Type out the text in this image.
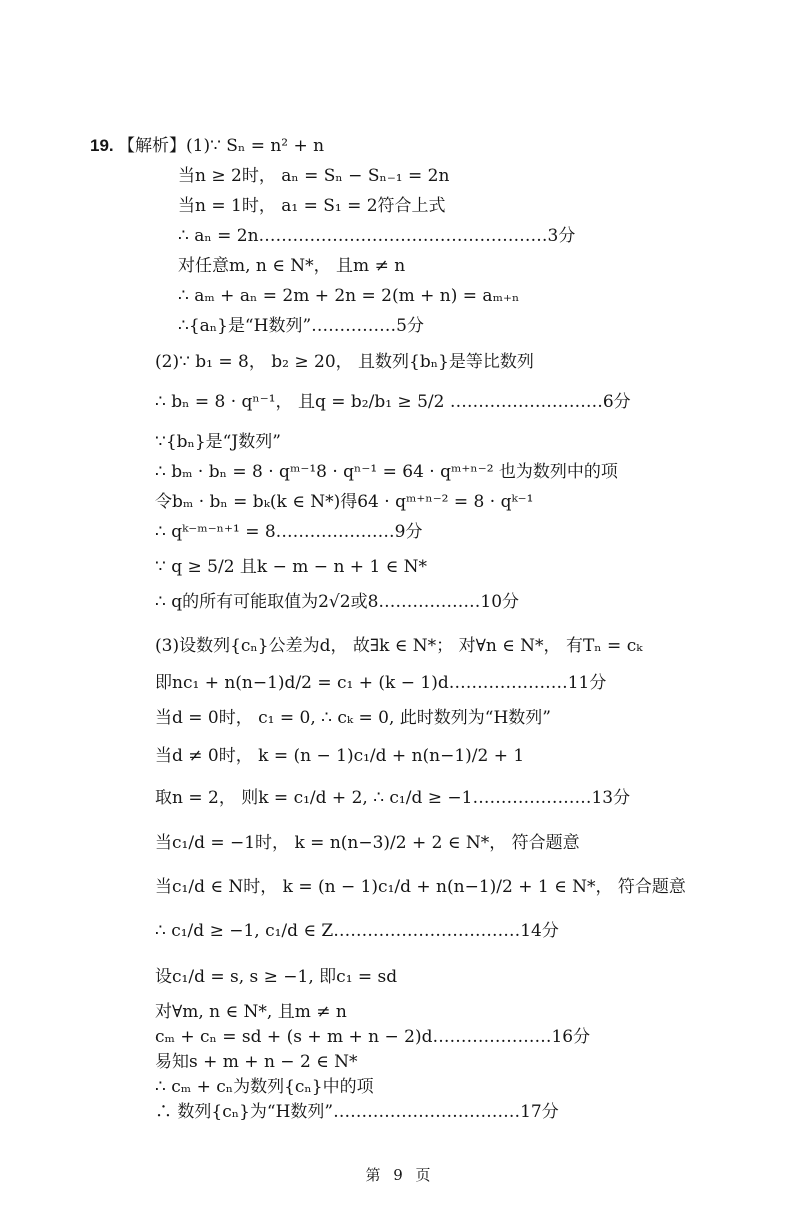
19. 【解析】 (1)∵ Sₙ = n² + n
当n ≥ 2时， aₙ = Sₙ − Sₙ₋₁ = 2n
当n = 1时， a₁ = S₁ = 2符合上式
∴ aₙ = 2n……………………………………………3分
对任意m, n ∈ N*， 且m ≠ n
∴ aₘ + aₙ = 2m + 2n = 2(m + n) = aₘ₊ₙ
∴{aₙ}是“H数列”……………5分
(2)∵ b₁ = 8， b₂ ≥ 20， 且数列{bₙ}是等比数列
∴ bₙ = 8 · qⁿ⁻¹， 且q = b₂/b₁ ≥ 5/2 ………………………6分
∵{bₙ}是“J数列”
∴ bₘ · bₙ = 8 · qᵐ⁻¹8 · qⁿ⁻¹ = 64 · qᵐ⁺ⁿ⁻² 也为数列中的项
令bₘ · bₙ = bₖ(k ∈ N*)得64 · qᵐ⁺ⁿ⁻² = 8 · qᵏ⁻¹
∴ qᵏ⁻ᵐ⁻ⁿ⁺¹ = 8…………………9分
∵ q ≥ 5/2 且k − m − n + 1 ∈ N*
∴ q的所有可能取值为2√2或8………………10分
(3)设数列{cₙ}公差为d， 故∃k ∈ N*； 对∀n ∈ N*， 有Tₙ = cₖ
即nc₁ + n(n−1)d/2 = c₁ + (k − 1)d…………………11分
当d = 0时， c₁ = 0, ∴ cₖ = 0, 此时数列为“H数列”
当d ≠ 0时， k = (n − 1)c₁/d + n(n−1)/2 + 1
取n = 2， 则k = c₁/d + 2, ∴ c₁/d ≥ −1…………………13分
当c₁/d = −1时， k = n(n−3)/2 + 2 ∈ N*， 符合题意
当c₁/d ∈ N时， k = (n − 1)c₁/d + n(n−1)/2 + 1 ∈ N*， 符合题意
∴ c₁/d ≥ −1, c₁/d ∈ Z……………………………14分
设c₁/d = s, s ≥ −1, 即c₁ = sd
对∀m, n ∈ N*, 且m ≠ n
cₘ + cₙ = sd + (s + m + n − 2)d…………………16分
易知s + m + n − 2 ∈ N*
∴ cₘ + cₙ为数列{cₙ}中的项
∴ 数列{cₙ}为“H数列”……………………………17分
第 9 页
